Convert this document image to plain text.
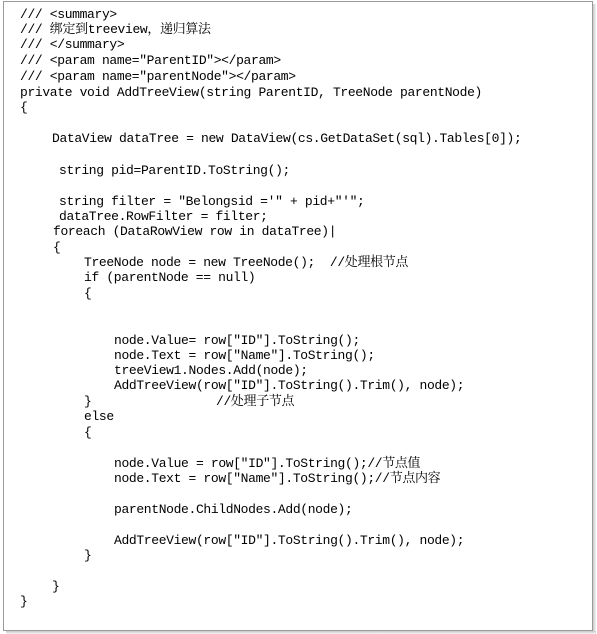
/// <summary>
/// 绑定到treeview，递归算法
/// </summary>
/// <param name="ParentID"></param>
/// <param name="parentNode"></param>
private void AddTreeView(string ParentID, TreeNode parentNode)
{
DataView dataTree = new DataView(cs.GetDataSet(sql).Tables[0]);
string pid=ParentID.ToString();
string filter = "Belongsid ='" + pid+"'";
dataTree.RowFilter = filter;
foreach (DataRowView row in dataTree)|
{
TreeNode node = new TreeNode();  //处理根节点
if (parentNode == null)
{
node.Value= row["ID"].ToString();
node.Text = row["Name"].ToString();
treeView1.Nodes.Add(node);
AddTreeView(row["ID"].ToString().Trim(), node);
}	//处理子节点
else
{
node.Value = row["ID"].ToString();//节点值
node.Text = row["Name"].ToString();//节点内容
parentNode.ChildNodes.Add(node);
AddTreeView(row["ID"].ToString().Trim(), node);
}
}
}
